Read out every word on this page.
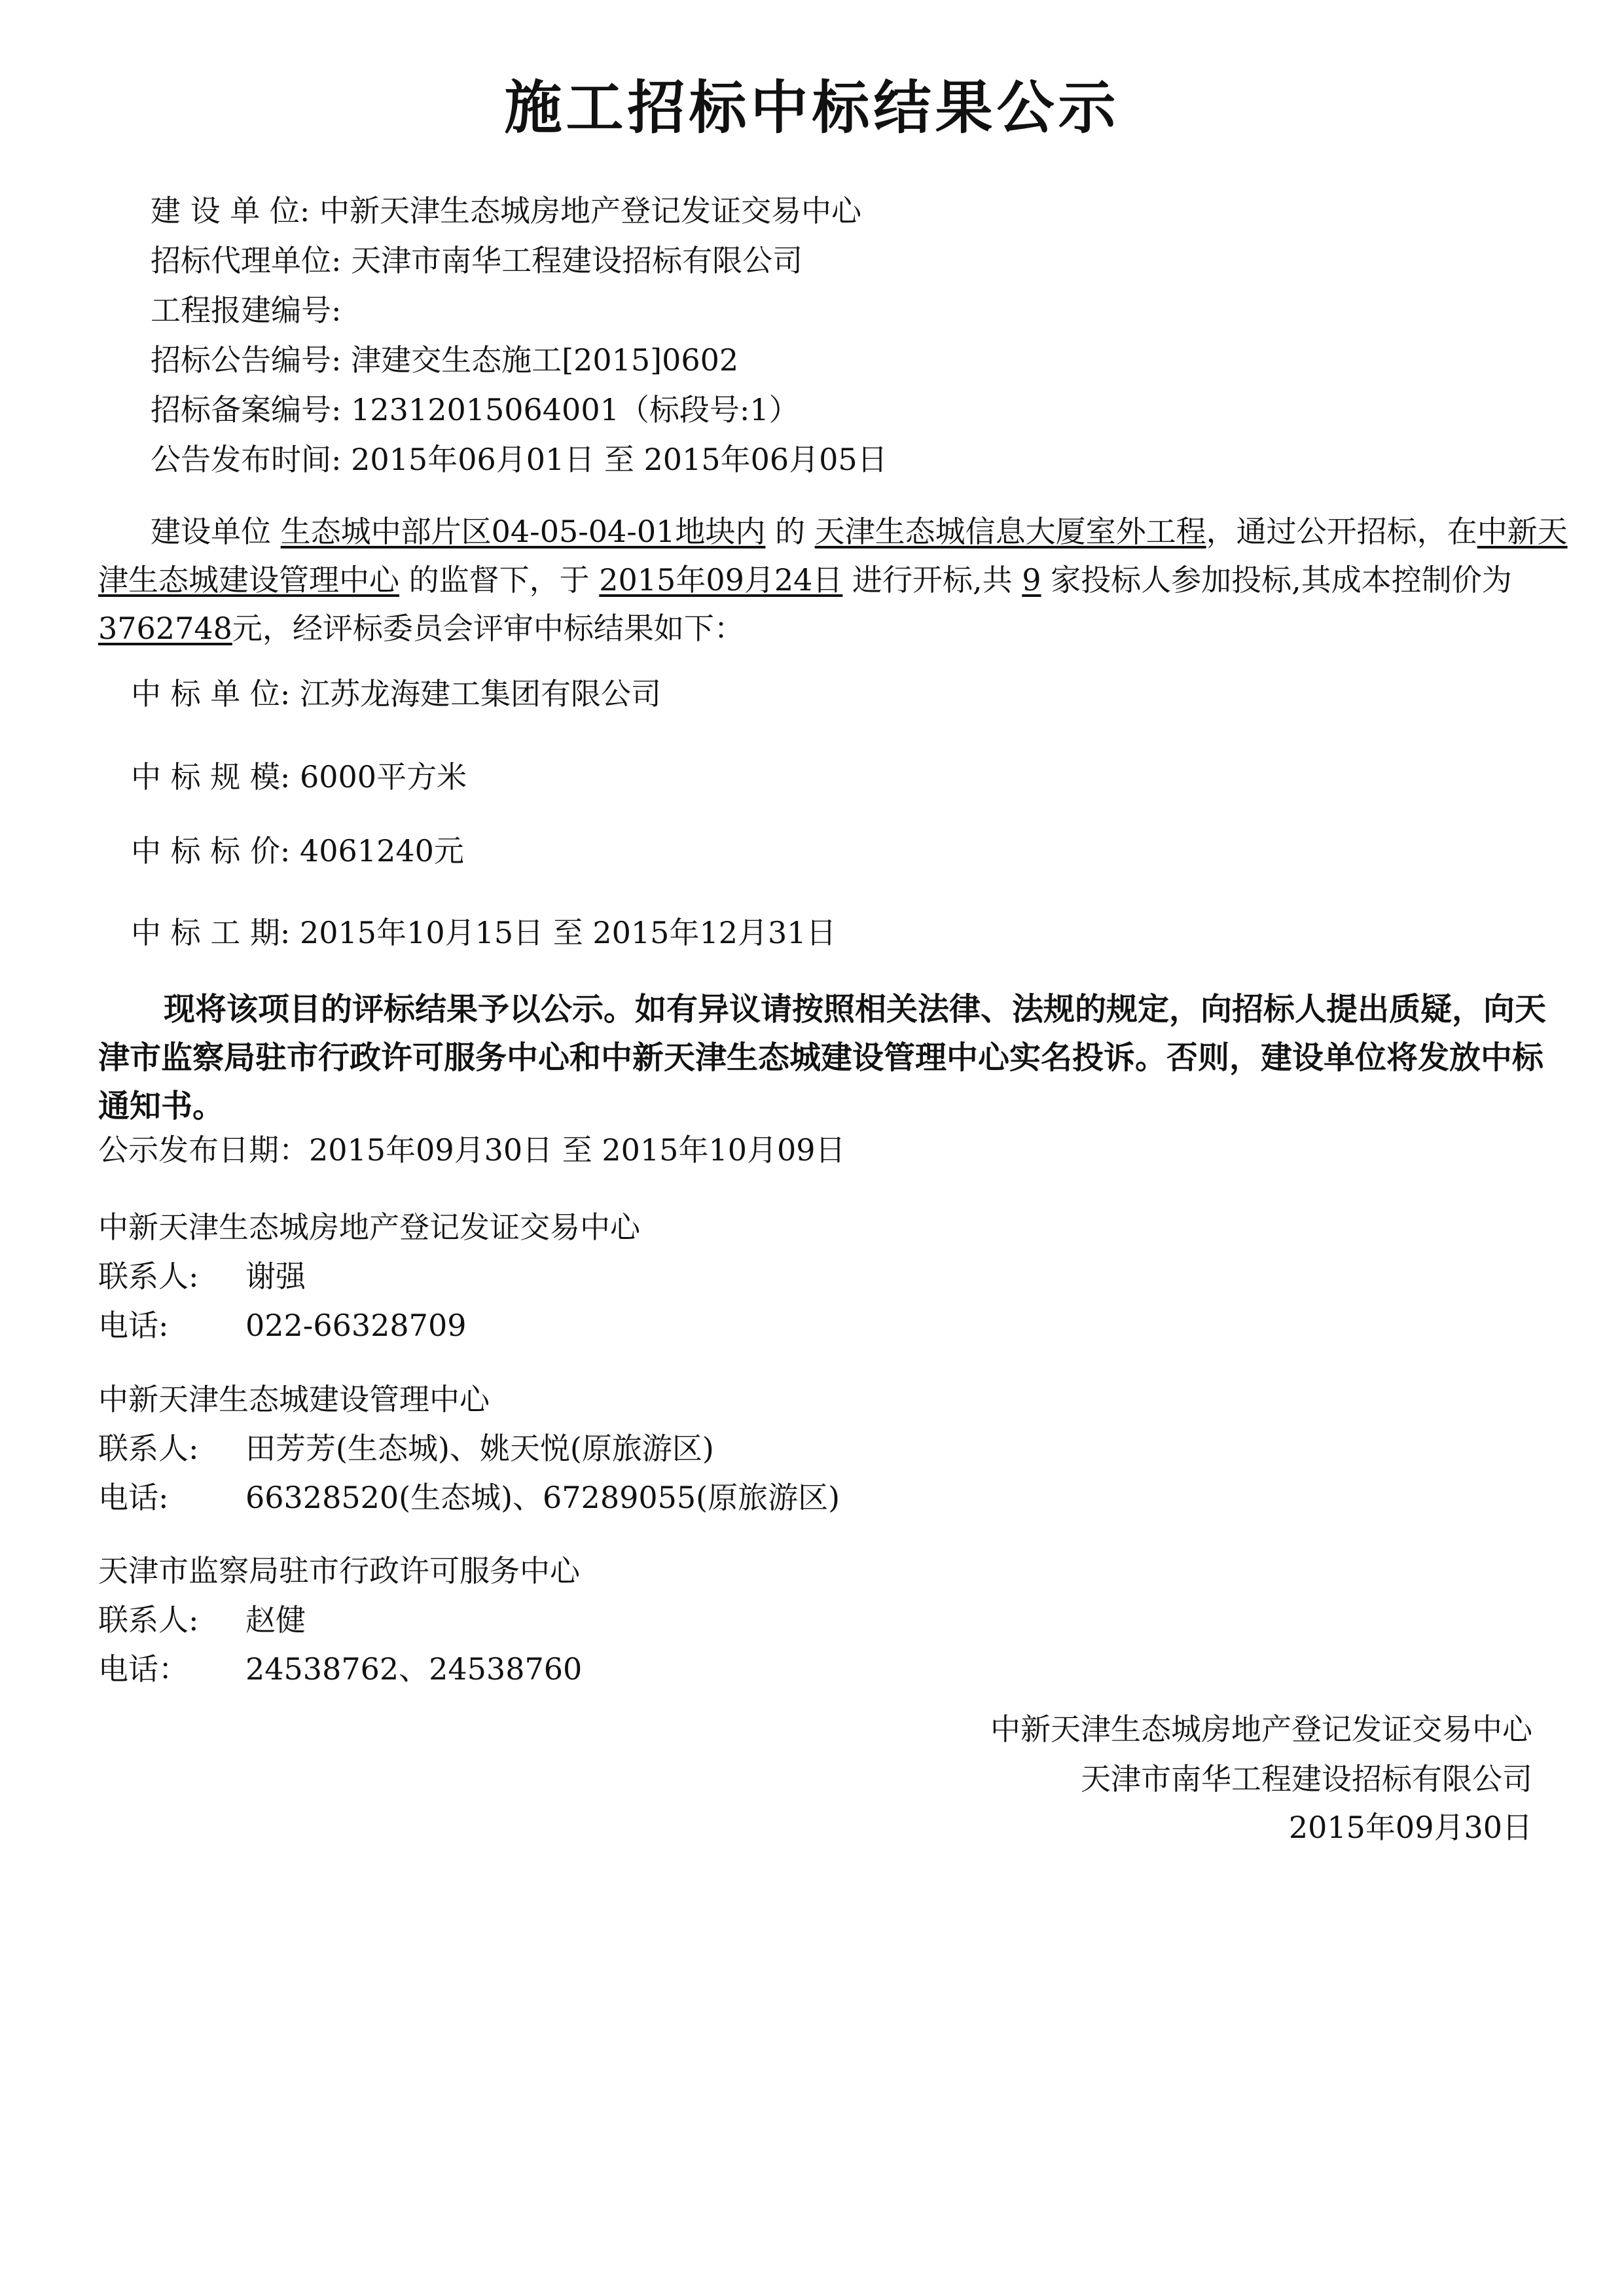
施工招标中标结果公示
建 设 单 位: 中新天津生态城房地产登记发证交易中心
招标代理单位: 天津市南华工程建设招标有限公司
工程报建编号:
招标公告编号: 津建交生态施工[2015]0602
招标备案编号: 12312015064001（标段号:1）
公告发布时间: 2015年06月01日 至 2015年06月05日
建设单位 生态城中部片区04-05-04-01地块内 的 天津生态城信息大厦室外工程，通过公开招标，在中新天津生态城建设管理中心 的监督下，于 2015年09月24日 进行开标,共 9 家投标人参加投标,其成本控制价为3762748元，经评标委员会评审中标结果如下：
中 标 单 位: 江苏龙海建工集团有限公司
中 标 规 模: 6000平方米
中 标 标 价: 4061240元
中 标 工 期: 2015年10月15日 至 2015年12月31日
现将该项目的评标结果予以公示。如有异议请按照相关法律、法规的规定，向招标人提出质疑，向天津市监察局驻市行政许可服务中心和中新天津生态城建设管理中心实名投诉。否则，建设单位将发放中标通知书。
公示发布日期：2015年09月30日 至 2015年10月09日
中新天津生态城房地产登记发证交易中心
联系人: 谢强
电话:	022-66328709
中新天津生态城建设管理中心
联系人: 田芳芳(生态城)、姚天悦(原旅游区)
电话:	66328520(生态城)、67289055(原旅游区)
天津市监察局驻市行政许可服务中心
联系人: 赵健
电话： 24538762、24538760
中新天津生态城房地产登记发证交易中心
天津市南华工程建设招标有限公司
2015年09月30日
